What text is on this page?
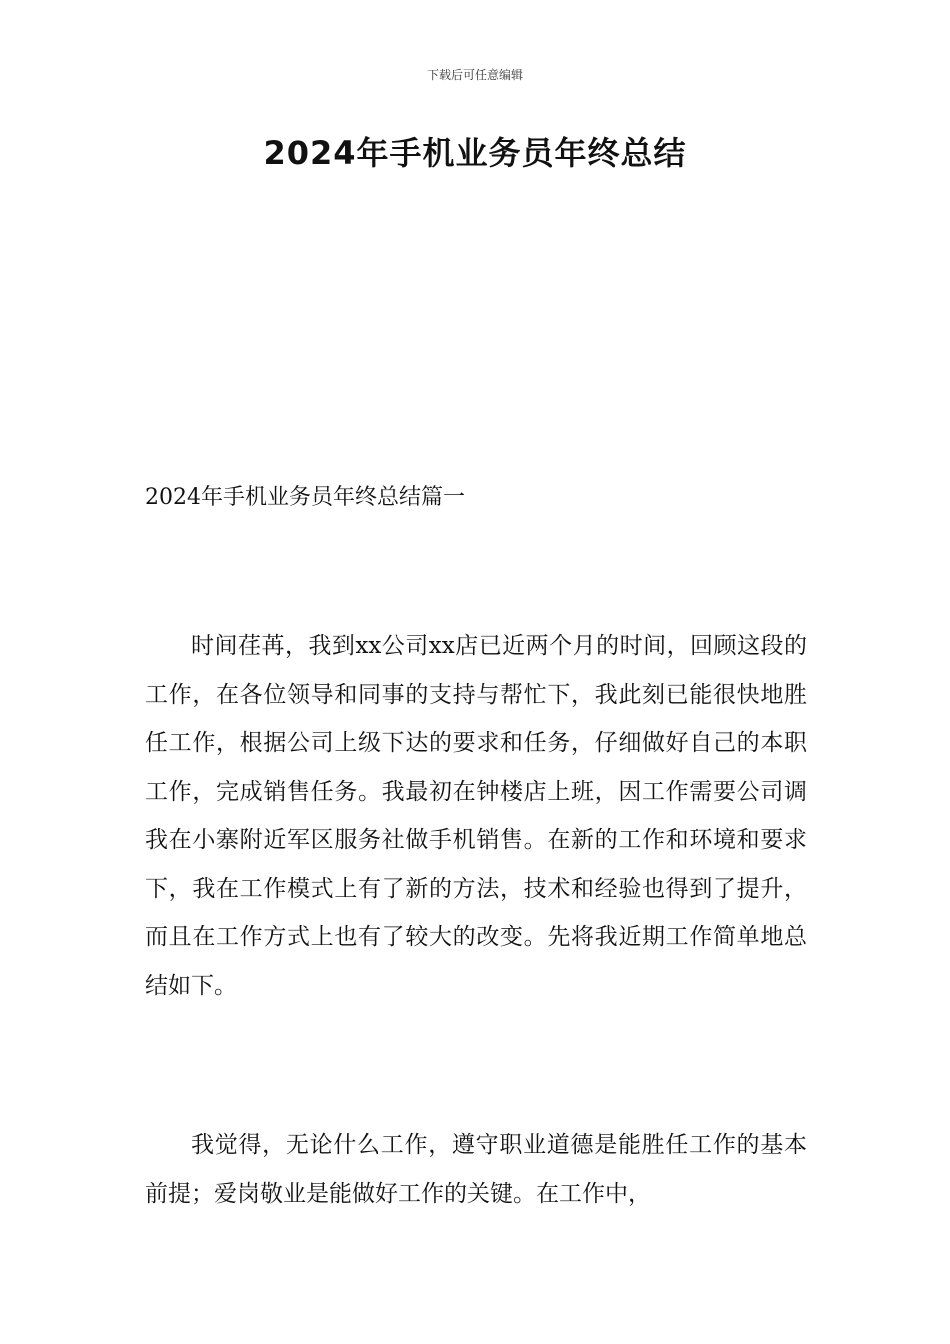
下载后可任意编辑
2024年手机业务员年终总结
2024年手机业务员年终总结篇一

时间荏苒，我到xx公司xx店已近两个月的时间，回顾这段的工作，在各位领导和同事的支持与帮忙下，我此刻已能很快地胜任工作，根据公司上级下达的要求和任务，仔细做好自己的本职工作，完成销售任务。我最初在钟楼店上班，因工作需要公司调我在小寨附近军区服务社做手机销售。在新的工作和环境和要求下，我在工作模式上有了新的方法，技术和经验也得到了提升，而且在工作方式上也有了较大的改变。先将我近期工作简单地总结如下。

我觉得，无论什么工作，遵守职业道德是能胜任工作的基本前提；爱岗敬业是能做好工作的关键。在工作中，
